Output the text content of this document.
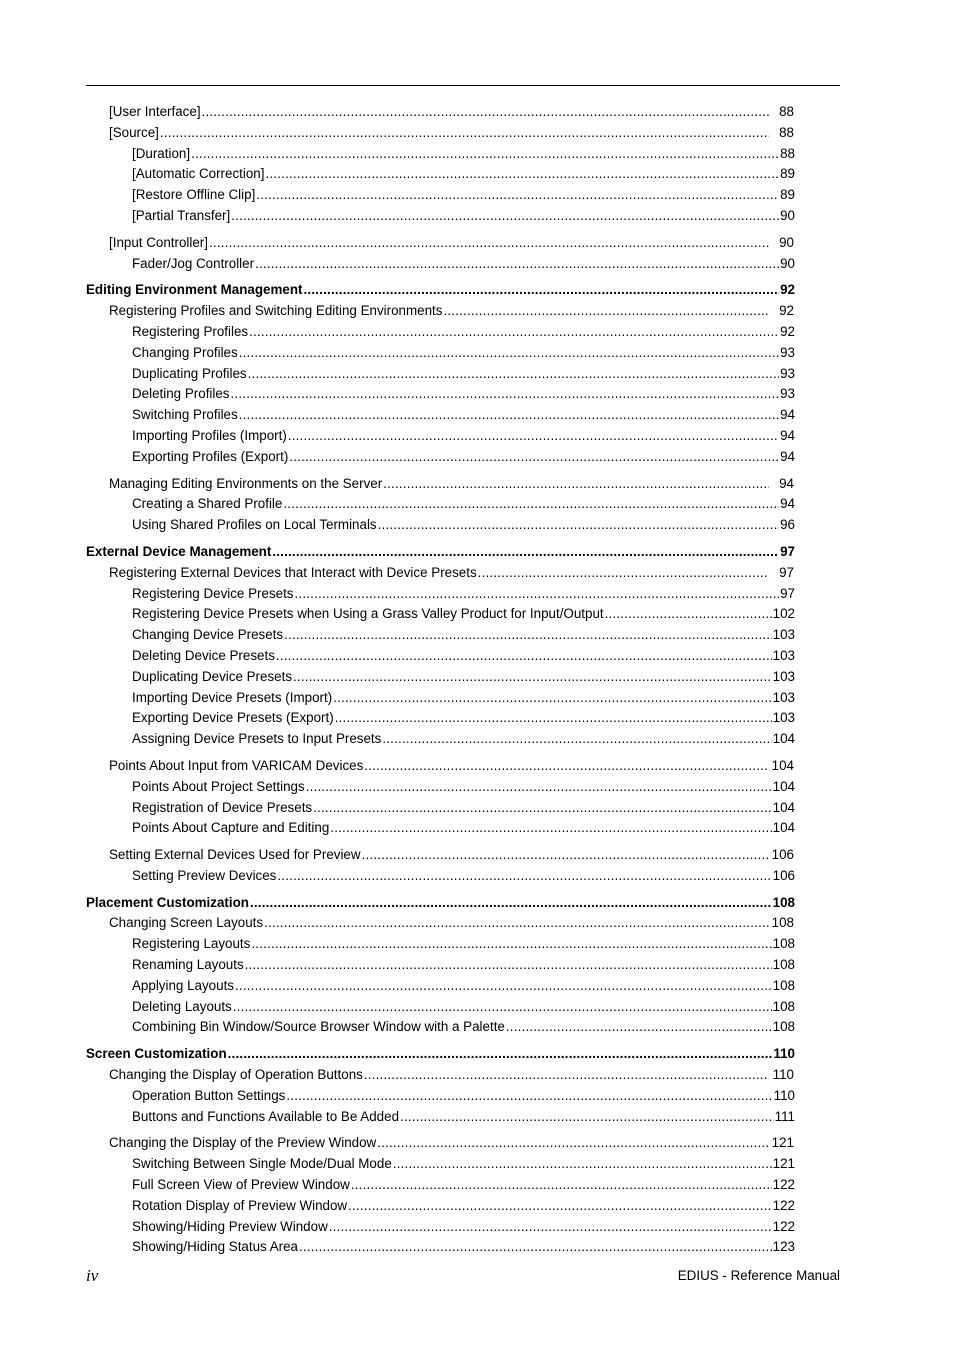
[User Interface] .....	88
[Source] .....	88
[Duration] .....	88
[Automatic Correction] .....	89
[Restore Offline Clip] .....	89
[Partial Transfer] .....	90
[Input Controller] .....	90
Fader/Jog Controller .....	90
Editing Environment Management .....	92
Registering Profiles and Switching Editing Environments .....	92
Registering Profiles .....	92
Changing Profiles .....	93
Duplicating Profiles .....	93
Deleting Profiles .....	93
Switching Profiles .....	94
Importing Profiles (Import) .....	94
Exporting Profiles (Export) .....	94
Managing Editing Environments on the Server .....	94
Creating a Shared Profile .....	94
Using Shared Profiles on Local Terminals .....	96
External Device Management .....	97
Registering External Devices that Interact with Device Presets .....	97
Registering Device Presets .....	97
Registering Device Presets when Using a Grass Valley Product for Input/Output .....	102
Changing Device Presets .....	103
Deleting Device Presets .....	103
Duplicating Device Presets .....	103
Importing Device Presets (Import) .....	103
Exporting Device Presets (Export) .....	103
Assigning Device Presets to Input Presets .....	104
Points About Input from VARICAM Devices .....	104
Points About Project Settings .....	104
Registration of Device Presets .....	104
Points About Capture and Editing .....	104
Setting External Devices Used for Preview .....	106
Setting Preview Devices .....	106
Placement Customization .....	108
Changing Screen Layouts .....	108
Registering Layouts .....	108
Renaming Layouts .....	108
Applying Layouts .....	108
Deleting Layouts .....	108
Combining Bin Window/Source Browser Window with a Palette .....	108
Screen Customization .....	110
Changing the Display of Operation Buttons .....	110
Operation Button Settings .....	110
Buttons and Functions Available to Be Added .....	111
Changing the Display of the Preview Window .....	121
Switching Between Single Mode/Dual Mode .....	121
Full Screen View of Preview Window .....	122
Rotation Display of Preview Window .....	122
Showing/Hiding Preview Window .....	122
Showing/Hiding Status Area .....	123
iv	EDIUS - Reference Manual
